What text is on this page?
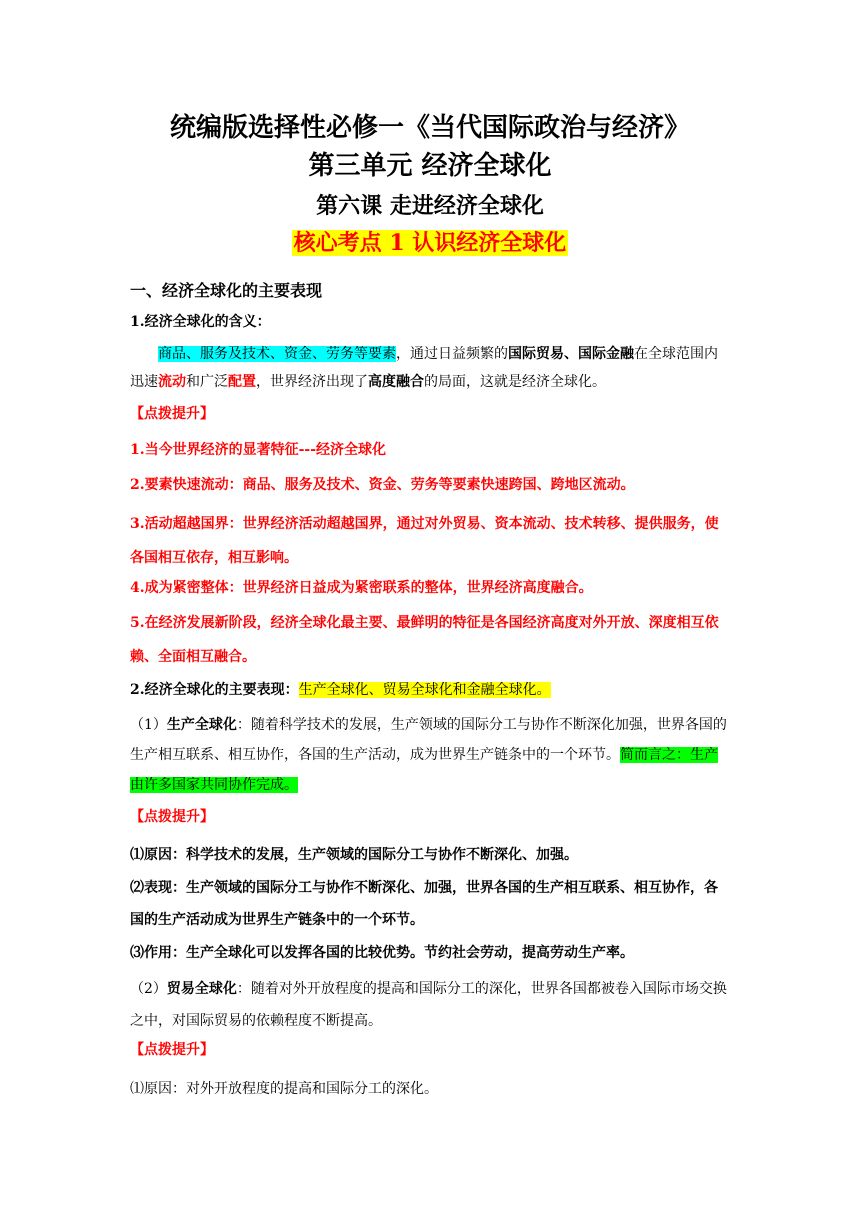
统编版选择性必修一《当代国际政治与经济》
第三单元 经济全球化
第六课 走进经济全球化
核心考点 1 认识经济全球化
一、经济全球化的主要表现
1.经济全球化的含义：
商品、服务及技术、资金、劳务等要素，通过日益频繁的国际贸易、国际金融在全球范围内迅速流动和广泛配置，世界经济出现了高度融合的局面，这就是经济全球化。
【点拨提升】
1.当今世界经济的显著特征---经济全球化
2.要素快速流动：商品、服务及技术、资金、劳务等要素快速跨国、跨地区流动。
3.活动超越国界：世界经济活动超越国界，通过对外贸易、资本流动、技术转移、提供服务，使各国相互依存，相互影响。
4.成为紧密整体：世界经济日益成为紧密联系的整体，世界经济高度融合。
5.在经济发展新阶段，经济全球化最主要、最鲜明的特征是各国经济高度对外开放、深度相互依赖、全面相互融合。
2.经济全球化的主要表现：生产全球化、贸易全球化和金融全球化。
（1）生产全球化：随着科学技术的发展，生产领域的国际分工与协作不断深化加强，世界各国的生产相互联系、相互协作，各国的生产活动，成为世界生产链条中的一个环节。简而言之：生产由许多国家共同协作完成。
【点拨提升】
⑴原因：科学技术的发展，生产领域的国际分工与协作不断深化、加强。
⑵表现：生产领域的国际分工与协作不断深化、加强，世界各国的生产相互联系、相互协作，各国的生产活动成为世界生产链条中的一个环节。
⑶作用：生产全球化可以发挥各国的比较优势。节约社会劳动，提高劳动生产率。
（2）贸易全球化：随着对外开放程度的提高和国际分工的深化，世界各国都被卷入国际市场交换之中，对国际贸易的依赖程度不断提高。
【点拨提升】
⑴原因：对外开放程度的提高和国际分工的深化。
